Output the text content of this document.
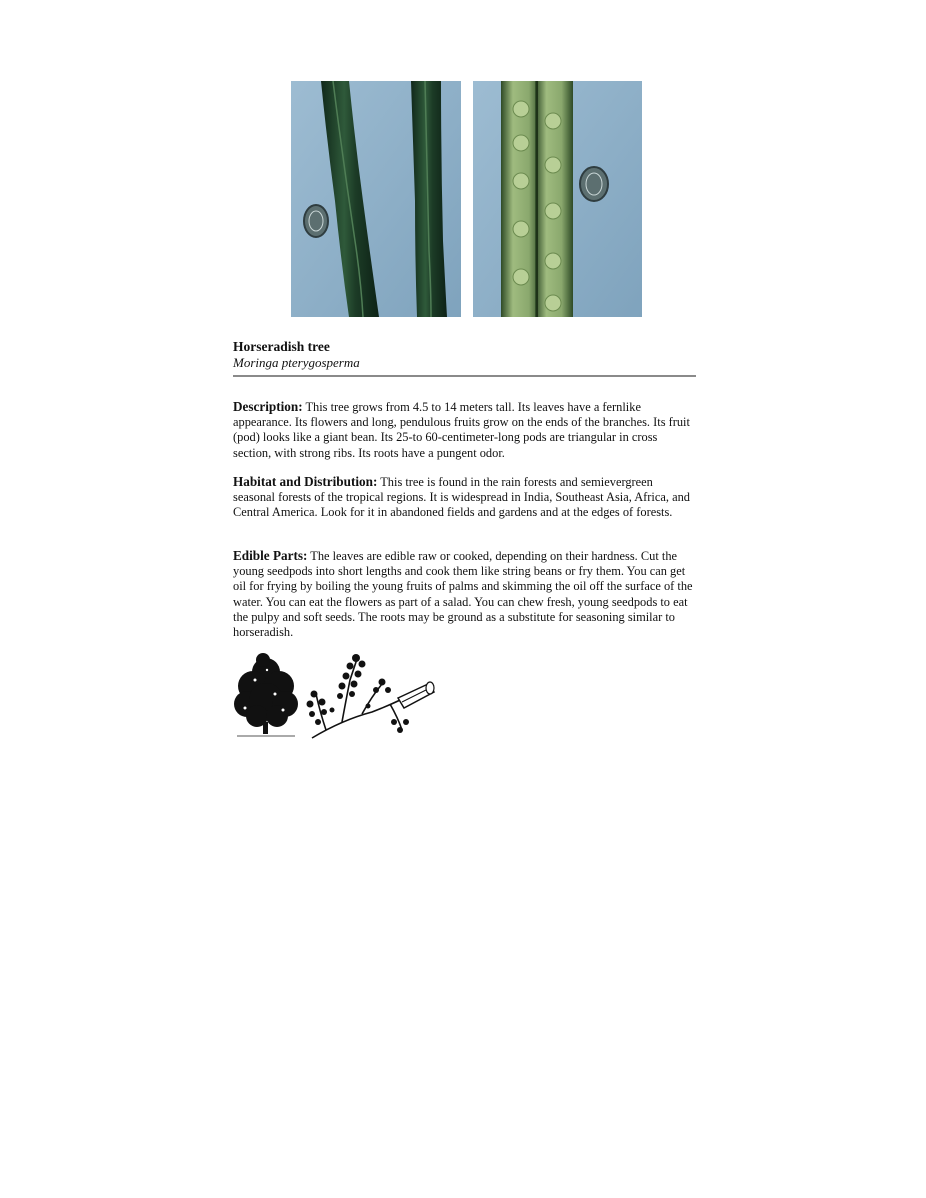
Horseradish tree
Moringa pterygosperma
Description: This tree grows from 4.5 to 14 meters tall. Its leaves have a fernlike appearance. Its flowers and long, pendulous fruits grow on the ends of the branches. Its fruit (pod) looks like a giant bean. Its 25-to 60-centimeter-long pods are triangular in cross section, with strong ribs. Its roots have a pungent odor.
Habitat and Distribution: This tree is found in the rain forests and semievergreen seasonal forests of the tropical regions. It is widespread in India, Southeast Asia, Africa, and Central America. Look for it in abandoned fields and gardens and at the edges of forests.
Edible Parts: The leaves are edible raw or cooked, depending on their hardness. Cut the young seedpods into short lengths and cook them like string beans or fry them. You can get oil for frying by boiling the young fruits of palms and skimming the oil off the surface of the water. You can eat the flowers as part of a salad. You can chew fresh, young seedpods to eat the pulpy and soft seeds. The roots may be ground as a substitute for seasoning similar to horseradish.
